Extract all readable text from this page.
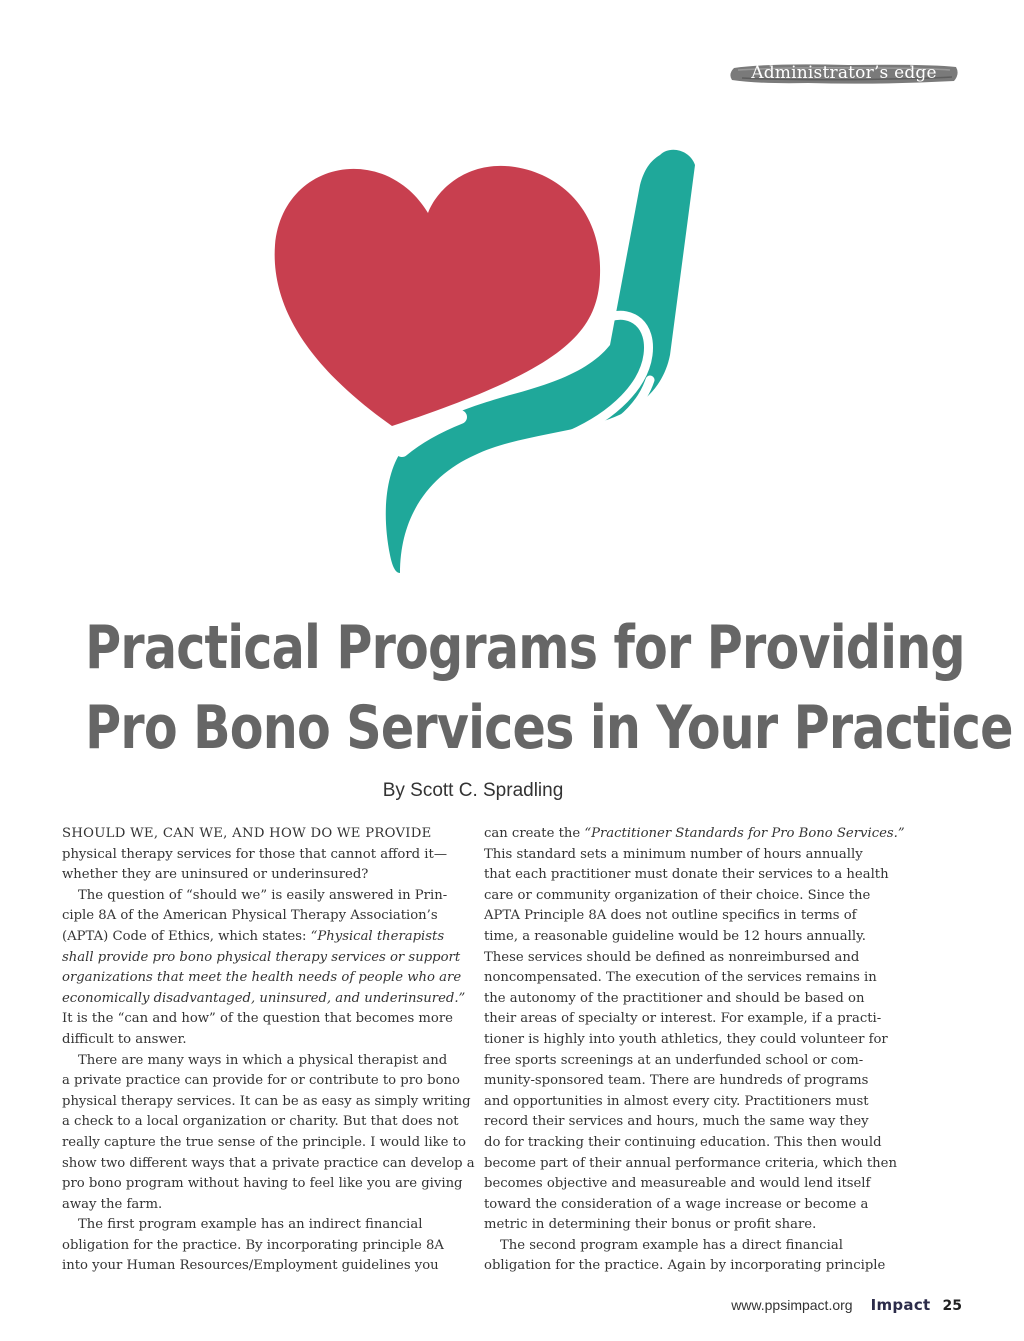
Administrator’s edge
Practical Programs for Providing
Pro Bono Services in Your Practice
By Scott C. Spradling
SHOULD WE, CAN WE, AND HOW DO WE PROVIDE
physical therapy services for those that cannot afford it—
whether they are uninsured or underinsured?
The question of “should we” is easily answered in Prin-
ciple 8A of the American Physical Therapy Association’s
(APTA) Code of Ethics, which states: “Physical therapists
shall provide pro bono physical therapy services or support
organizations that meet the health needs of people who are
economically disadvantaged, uninsured, and underinsured.”
It is the “can and how” of the question that becomes more
difficult to answer.
There are many ways in which a physical therapist and
a private practice can provide for or contribute to pro bono
physical therapy services. It can be as easy as simply writing
a check to a local organization or charity. But that does not
really capture the true sense of the principle. I would like to
show two different ways that a private practice can develop a
pro bono program without having to feel like you are giving
away the farm.
The first program example has an indirect financial
obligation for the practice. By incorporating principle 8A
into your Human Resources/Employment guidelines you
can create the “Practitioner Standards for Pro Bono Services.”
This standard sets a minimum number of hours annually
that each practitioner must donate their services to a health
care or community organization of their choice. Since the
APTA Principle 8A does not outline specifics in terms of
time, a reasonable guideline would be 12 hours annually.
These services should be defined as nonreimbursed and
noncompensated. The execution of the services remains in
the autonomy of the practitioner and should be based on
their areas of specialty or interest. For example, if a practi-
tioner is highly into youth athletics, they could volunteer for
free sports screenings at an underfunded school or com-
munity-sponsored team. There are hundreds of programs
and opportunities in almost every city. Practitioners must
record their services and hours, much the same way they
do for tracking their continuing education. This then would
become part of their annual performance criteria, which then
becomes objective and measureable and would lend itself
toward the consideration of a wage increase or become a
metric in determining their bonus or profit share.
The second program example has a direct financial
obligation for the practice. Again by incorporating principle
www.ppsimpact.org Impact 25
